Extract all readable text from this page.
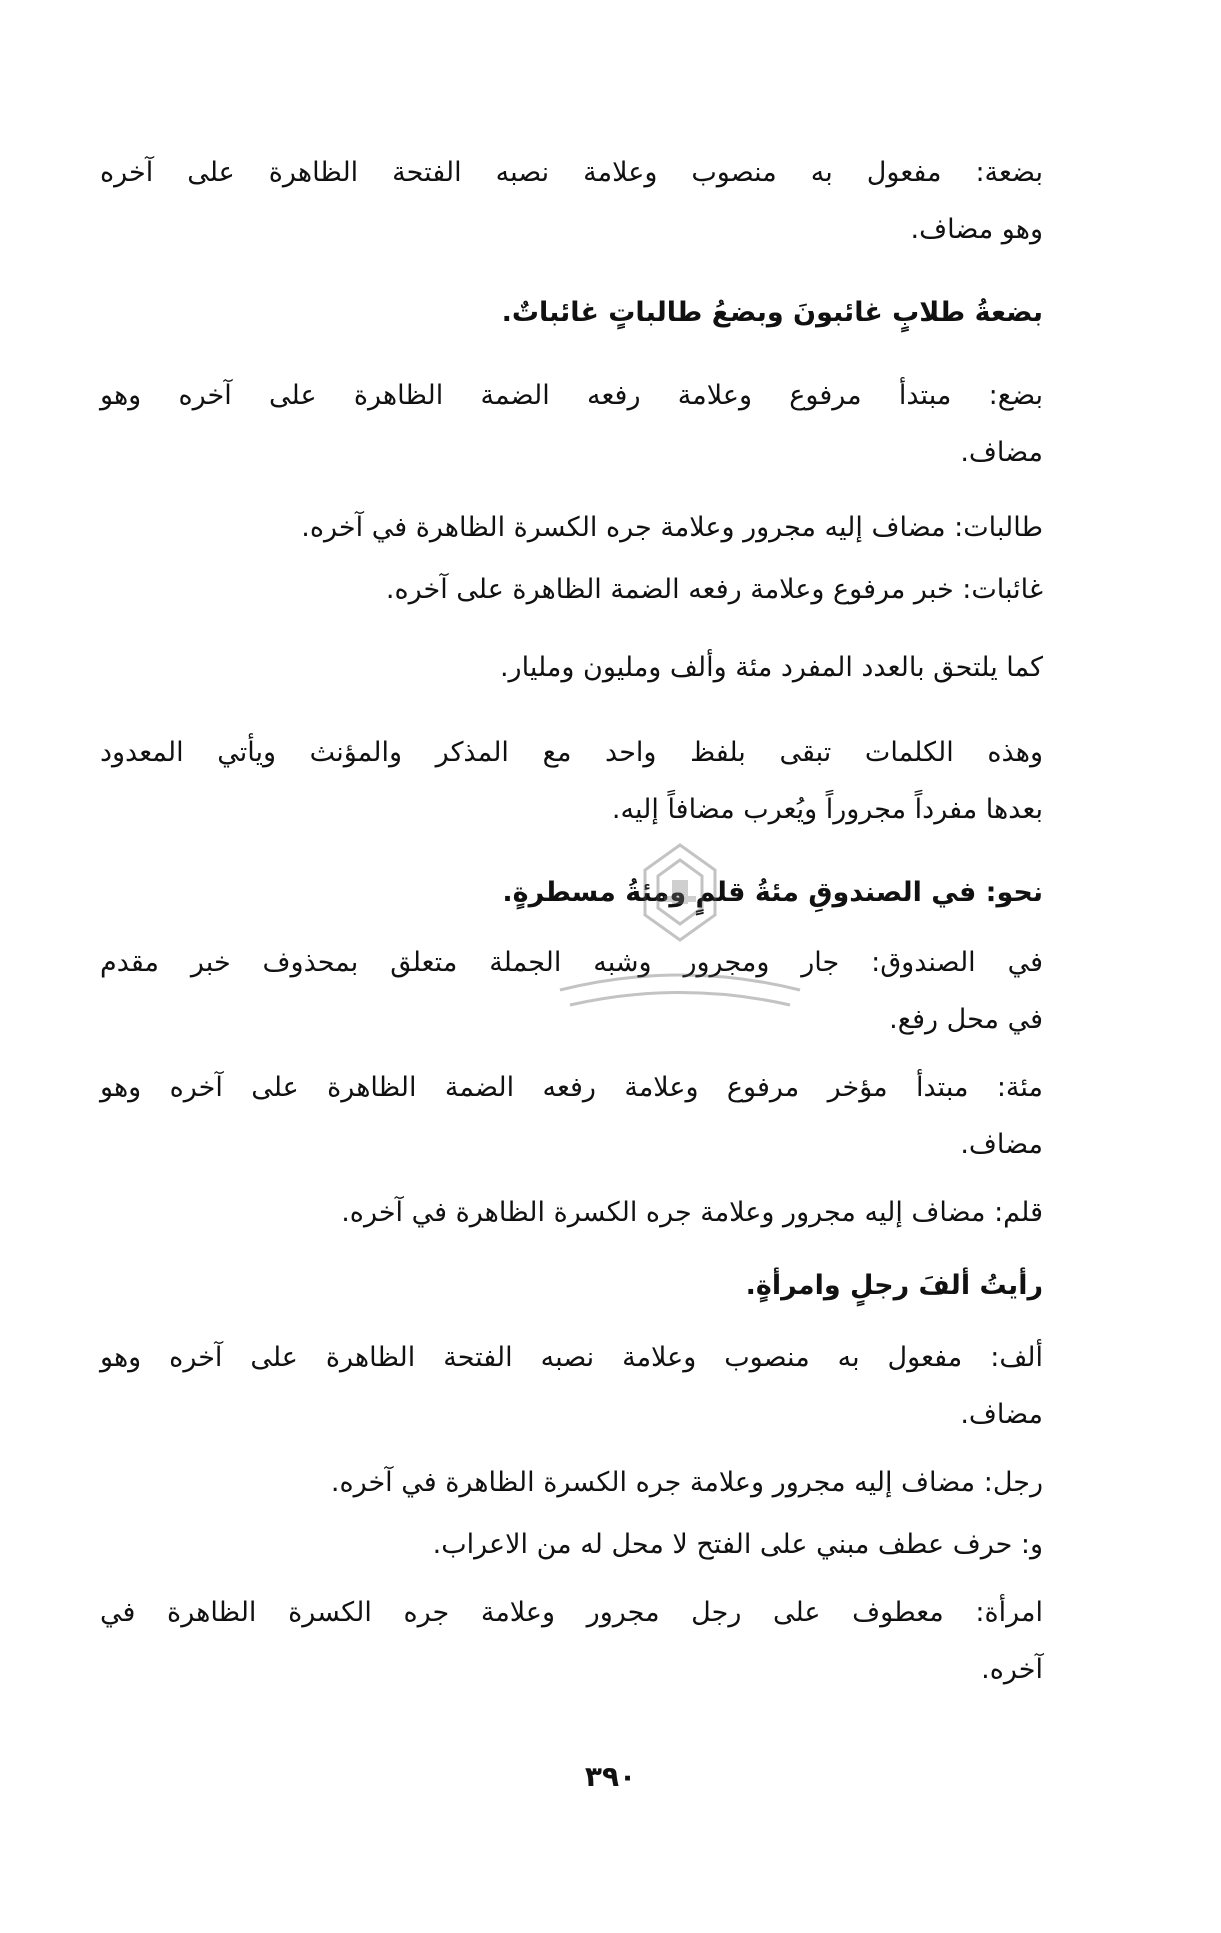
بضعة: مفعول به منصوب وعلامة نصبه الفتحة الظاهرة على آخره
وهو مضاف.
بضعةُ طلابٍ غائبونَ وبضعُ طالباتٍ غائباتٌ.
بضع: مبتدأ مرفوع وعلامة رفعه الضمة الظاهرة على آخره وهو
مضاف.
طالبات: مضاف إليه مجرور وعلامة جره الكسرة الظاهرة في آخره.
غائبات: خبر مرفوع وعلامة رفعه الضمة الظاهرة على آخره.
كما يلتحق بالعدد المفرد مئة وألف ومليون ومليار.
وهذه الكلمات تبقى بلفظ واحد مع المذكر والمؤنث ويأتي المعدود
بعدها مفرداً مجروراً ويُعرب مضافاً إليه.
نحو: في الصندوقِ مئةُ قلمٍ ومئةُ مسطرةٍ.
في الصندوق: جار ومجرور وشبه الجملة متعلق بمحذوف خبر مقدم
في محل رفع.
مئة: مبتدأ مؤخر مرفوع وعلامة رفعه الضمة الظاهرة على آخره وهو
مضاف.
قلم: مضاف إليه مجرور وعلامة جره الكسرة الظاهرة في آخره.
رأيتُ ألفَ رجلٍ وامرأةٍ.
ألف: مفعول به منصوب وعلامة نصبه الفتحة الظاهرة على آخره وهو
مضاف.
رجل: مضاف إليه مجرور وعلامة جره الكسرة الظاهرة في آخره.
و: حرف عطف مبني على الفتح لا محل له من الاعراب.
امرأة: معطوف على رجل مجرور وعلامة جره الكسرة الظاهرة في
آخره.
٣٩٠
